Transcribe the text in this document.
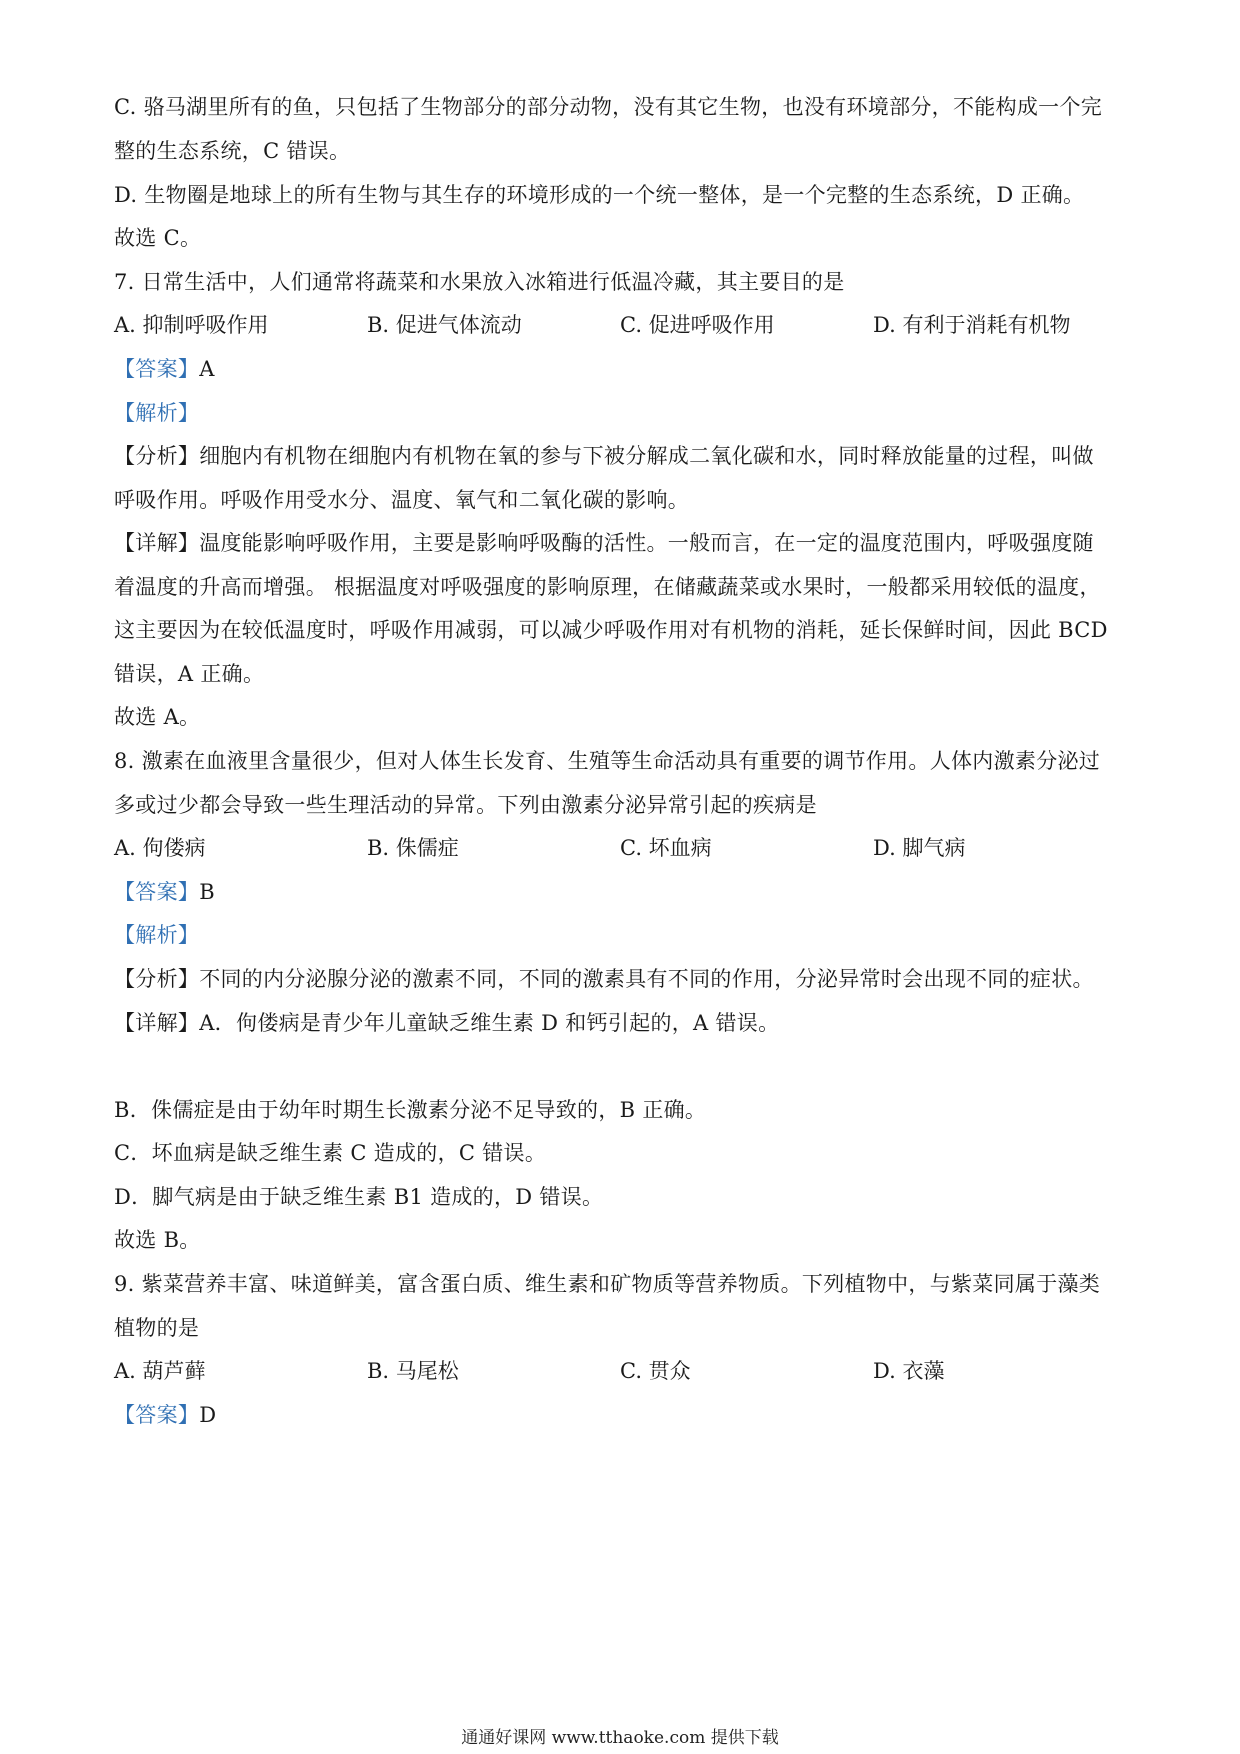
C. 骆马湖里所有的鱼，只包括了生物部分的部分动物，没有其它生物，也没有环境部分，不能构成一个完
整的生态系统，C 错误。
D. 生物圈是地球上的所有生物与其生存的环境形成的一个统一整体，是一个完整的生态系统，D 正确。
故选 C。
7. 日常生活中，人们通常将蔬菜和水果放入冰箱进行低温冷藏，其主要目的是
A. 抑制呼吸作用	B. 促进气体流动	C. 促进呼吸作用	D. 有利于消耗有机物
【答案】A
【解析】
【分析】细胞内有机物在细胞内有机物在氧的参与下被分解成二氧化碳和水，同时释放能量的过程，叫做
呼吸作用。呼吸作用受水分、温度、氧气和二氧化碳的影响。
【详解】温度能影响呼吸作用，主要是影响呼吸酶的活性。一般而言，在一定的温度范围内，呼吸强度随
着温度的升高而增强。 根据温度对呼吸强度的影响原理，在储藏蔬菜或水果时，一般都采用较低的温度，
这主要因为在较低温度时，呼吸作用减弱，可以减少呼吸作用对有机物的消耗，延长保鲜时间，因此 BCD
错误，A 正确。
故选 A。
8. 激素在血液里含量很少，但对人体生长发育、生殖等生命活动具有重要的调节作用。人体内激素分泌过
多或过少都会导致一些生理活动的异常。下列由激素分泌异常引起的疾病是
A. 佝偻病	B. 侏儒症	C. 坏血病	D. 脚气病
【答案】B
【解析】
【分析】不同的内分泌腺分泌的激素不同，不同的激素具有不同的作用，分泌异常时会出现不同的症状。
【详解】A．佝偻病是青少年儿童缺乏维生素 D 和钙引起的，A 错误。
B．侏儒症是由于幼年时期生长激素分泌不足导致的，B 正确。
C．坏血病是缺乏维生素 C 造成的，C 错误。
D．脚气病是由于缺乏维生素 B1 造成的，D 错误。
故选 B。
9. 紫菜营养丰富、味道鲜美，富含蛋白质、维生素和矿物质等营养物质。下列植物中，与紫菜同属于藻类
植物的是
A. 葫芦藓	B. 马尾松	C. 贯众	D. 衣藻
【答案】D
通通好课网 www.tthaoke.com 提供下载
